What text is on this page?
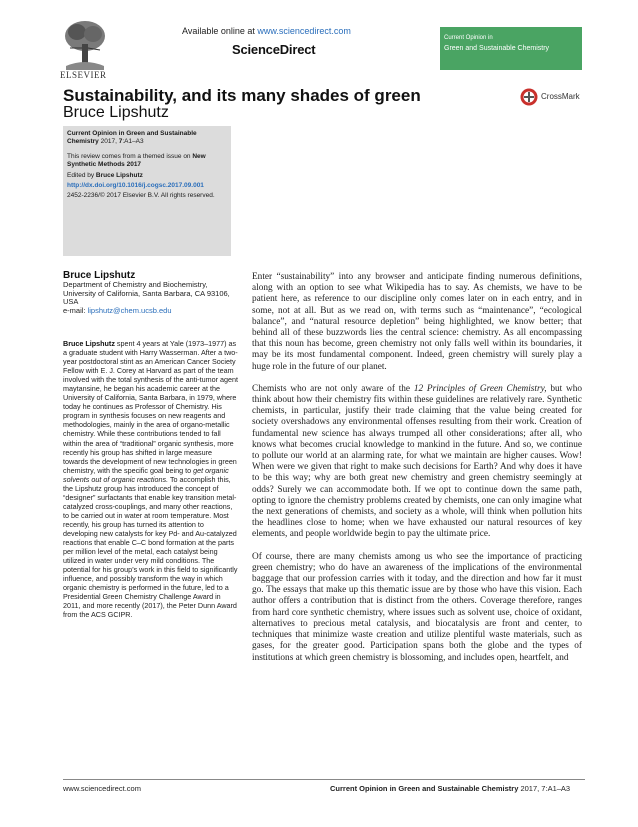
ELSEVIER
Available online at www.sciencedirect.com
ScienceDirect
Current Opinion in
Green and Sustainable Chemistry
Sustainability, and its many shades of green
Bruce Lipshutz
CrossMark

Current Opinion in Green and Sustainable Chemistry 2017, 7:A1–A3

This review comes from a themed issue on New Synthetic Methods 2017

Edited by Bruce Lipshutz

http://dx.doi.org/10.1016/j.cogsc.2017.09.001

2452-2236/© 2017 Elsevier B.V. All rights reserved.

Bruce Lipshutz
Department of Chemistry and Biochemistry, University of California, Santa Barbara, CA 93106, USA
e-mail: lipshutz@chem.ucsb.edu
Bruce Lipshutz spent 4 years at Yale (1973–1977) as a graduate student with Harry Wasserman. After a two-year postdoctoral stint as an American Cancer Society Fellow with E. J. Corey at Harvard as part of the team involved with the total synthesis of the anti-tumor agent maytansine, he began his academic career at the University of California, Santa Barbara, in 1979, where today he continues as Professor of Chemistry. His program in synthesis focuses on new reagents and methodologies, mainly in the area of organo-metallic chemistry. While these contributions tended to fall within the area of “traditional” organic synthesis, more recently his group has shifted in large measure towards the development of new technologies in green chemistry, with the specific goal being to get organic solvents out of organic reactions. To accomplish this, the Lipshutz group has introduced the concept of “designer” surfactants that enable key transition metal-catalyzed cross-couplings, and many other reactions, to be carried out in water at room temperature. Most recently, his group has turned its attention to developing new catalysts for key Pd- and Au-catalyzed reactions that enable C–C bond formation at the parts per million level of the metal, each catalyst being utilized in water under very mild conditions. The potential for his group’s work in this field to significantly influence, and possibly transform the way in which organic chemistry is performed in the future, led to a Presidential Green Chemistry Challenge Award in 2011, and more recently (2017), the Peter Dunn Award from the ACS GCIPR.

Enter “sustainability” into any browser and anticipate finding numerous definitions, along with an option to see what Wikipedia has to say. As chemists, we have to be patient here, as reference to our discipline only comes later on in each entry, and in some, not at all. But as we read on, with terms such as “maintenance”, “ecological balance”, and “natural resource depletion” being highlighted, we know better; that behind all of these buzzwords lies the central science: chemistry. As all encompassing that this noun has become, green chemistry not only falls well within its boundaries, it may be its most fundamental component. Indeed, green chemistry will surely play a huge role in the future of our planet.

Chemists who are not only aware of the 12 Principles of Green Chemistry, but who think about how their chemistry fits within these guidelines are relatively rare. Synthetic chemists, in particular, justify their trade claiming that the value being created for society overshadows any environmental offenses resulting from their work. Creation of fundamental new science has always trumped all other considerations; after all, who knows what becomes crucial knowledge to mankind in the future. And so, we continue to pollute our world at an alarming rate, for what we maintain are higher causes. Wow! When were we given that right to make such decisions for Earth? And why does it have to be this way; why are both great new chemistry and green chemistry seemingly at odds? Surely we can accommodate both. If we opt to continue down the same path, opting to ignore the chemistry problems created by chemists, one can only imagine what the next generations of chemists, and society as a whole, will think when pollution hits the headlines close to home; when we have exhausted our natural resources of key elements, and people worldwide begin to pay the ultimate price.

Of course, there are many chemists among us who see the importance of practicing green chemistry; who do have an awareness of the implications of the environmental baggage that our profession carries with it today, and the direction and how far it must go. The essays that make up this thematic issue are by those who have this vision. Each author offers a contribution that is distinct from the others. Coverage therefore, ranges from hard core synthetic chemistry, where issues such as solvent use, choice of oxidant, alternatives to precious metal catalysis, and biocatalysis are front and center, to techniques that minimize waste creation and utilize plentiful waste materials, such as gases, for the greater good. Participation spans both the globe and the types of institutions at which green chemistry is blossoming, and includes open, heartfelt, and

www.sciencedirect.com	Current Opinion in Green and Sustainable Chemistry 2017, 7:A1–A3
